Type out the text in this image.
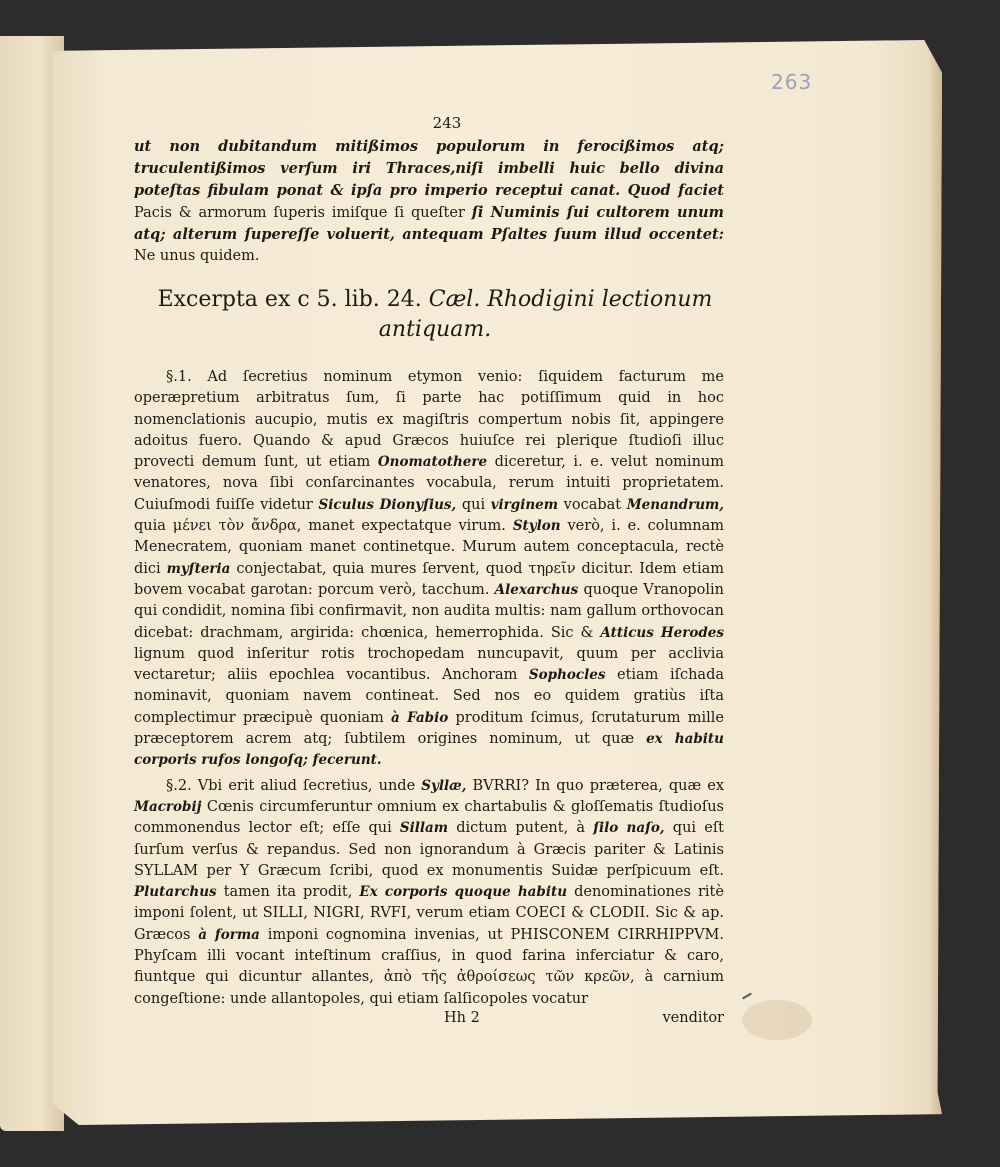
263
243

ut non dubitandum mitißimos populorum in ferocißimos atq; truculentißimos verſum iri Thraces,niſi imbelli huic bello divina poteſtas fibulam ponat & ipſa pro imperio receptui canat. Quod faciet Pacis & armorum ſuperis imiſque ſi queſter ſi Numinis ſui cultorem unum atq; alterum ſupereſſe voluerit, antequam Pſaltes ſuum illud occentet: Ne unus quidem.

Excerpta ex c 5. lib. 24. Cæl. Rhodigini lectionum antiquam.

§.1. Ad ſecretius nominum etymon venio: ſiquidem facturum me operæpretium arbitratus ſum, ſi parte hac potiſſimum quid in hoc nomenclationis aucupio, mutis ex magiſtris compertum nobis ſit, appingere adoitus fuero. Quando & apud Græcos huiuſce rei plerique ſtudioſi illuc provecti demum ſunt, ut etiam Onomatothere diceretur, i. e. velut nominum venatores, nova ſibi conſarcinantes vocabula, rerum intuiti proprietatem. Cuiuſmodi fuiſſe videtur Siculus Dionyſius, qui virginem vocabat Menandrum, quia μένει τὸν ἄνδρα, manet expectatque virum. Stylon verò, i. e. columnam Menecratem, quoniam manet continetque. Murum autem conceptacula, rectè dici myſteria conjectabat, quia mures ſervent, quod τηρεῖν dicitur. Idem etiam bovem vocabat garotan: porcum verò, tacchum. Alexarchus quoque Vranopolin qui condidit, nomina ſibi confirmavit, non audita multis: nam gallum orthovocan dicebat: drachmam, argirida: chœnica, hemerrophida. Sic & Atticus Herodes lignum quod inſeritur rotis trochopedam nuncupavit, quum per acclivia vectaretur; aliis epochlea vocantibus. Anchoram Sophocles etiam iſchada nominavit, quoniam navem contineat. Sed nos eo quidem gratiùs iſta complectimur præcipuè quoniam à Fabio proditum ſcimus, ſcrutaturum mille præceptorem acrem atq; ſubtilem origines nominum, ut quæ ex habitu corporis rufos longoſq; fecerunt.

§.2. Vbi erit aliud ſecretius, unde Syllæ, BVRRI? In quo præterea, quæ ex Macrobij Cœnis circumferuntur omnium ex chartabulis & gloſſematis ſtudioſus commonendus lector eſt; eſſe qui Sillam dictum putent, à ſilo naſo, qui eſt ſurſum verſus & repandus. Sed non ignorandum à Græcis pariter & Latinis SYLLAM per Y Græcum ſcribi, quod ex monumentis Suidæ perſpicuum eſt. Plutarchus tamen ita prodit, Ex corporis quoque habitu denominationes ritè imponi ſolent, ut SILLI, NIGRI, RVFI, verum etiam COECI & CLODII. Sic & ap. Græcos à forma imponi cognomina invenias, ut PHISCONEM CIRRHIPPVM. Phyſcam illi vocant inteſtinum craſſius, in quod farina inferciatur & caro, fiuntque qui dicuntur allantes, ἀπὸ τῆς ἀθροίσεως τῶν κρεῶν, à carnium congeſtione: unde allantopoles, qui etiam ſalſicopoles vocatur

Hh 2	venditor
